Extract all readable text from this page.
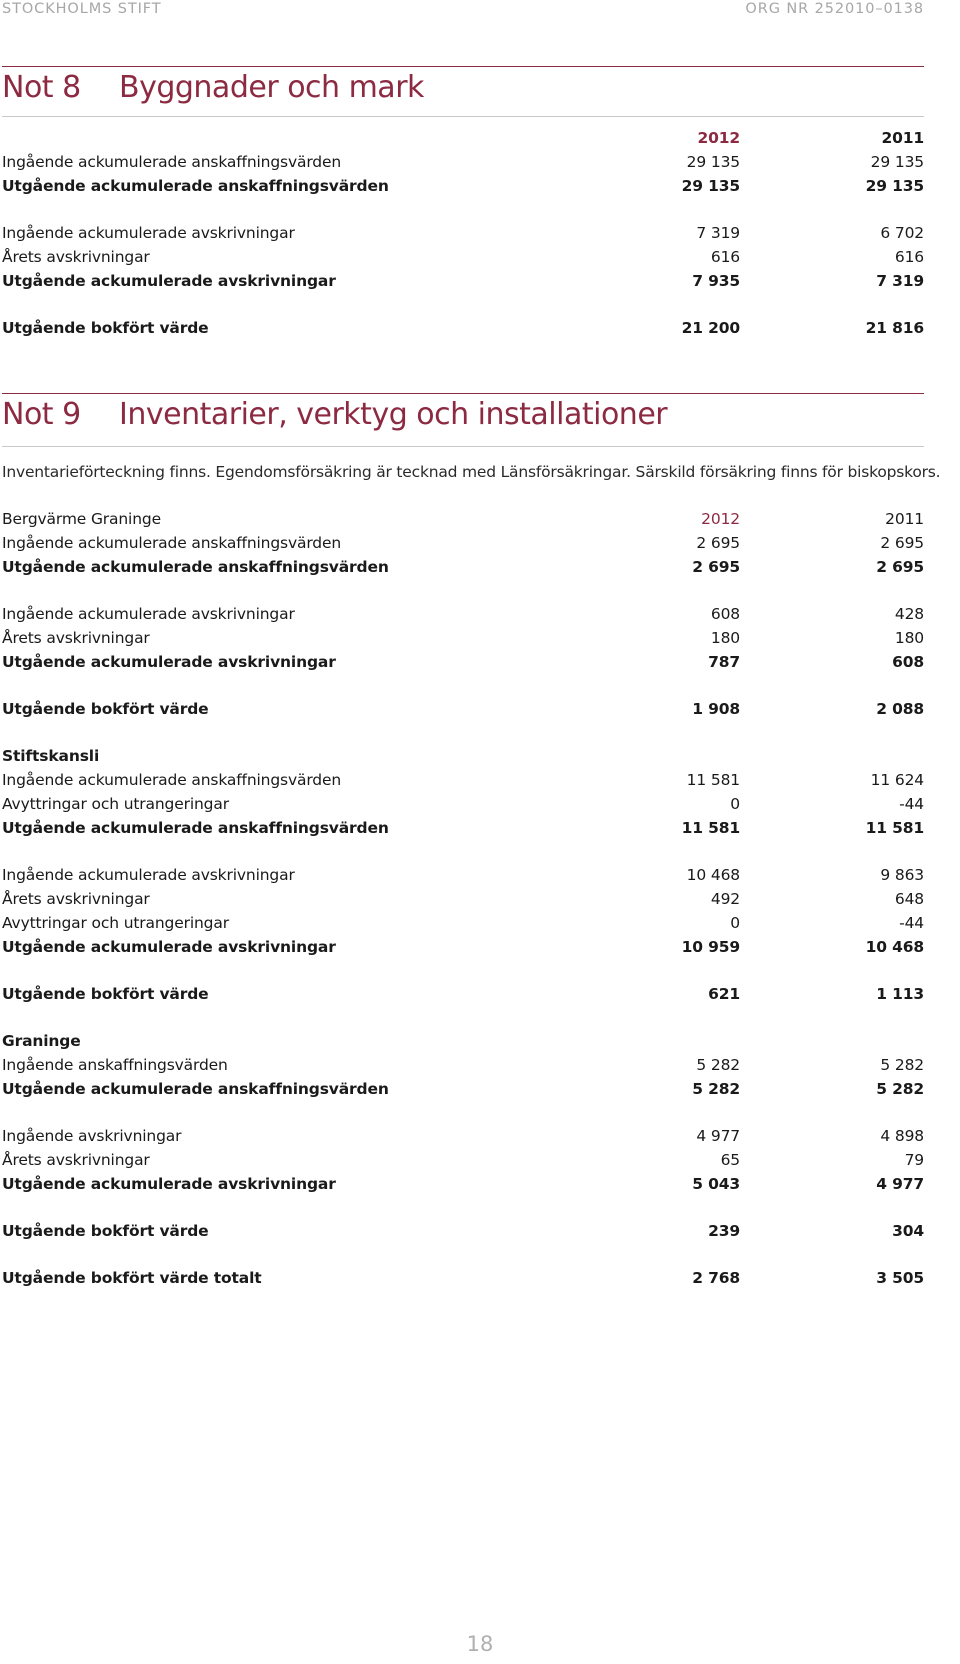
STOCKHOLMS STIFT	ORG NR 252010–0138
Not 8 Byggnader och mark
2012	2011
Ingående ackumulerade anskaffningsvärden	29 135	29 135
Utgående ackumulerade anskaffningsvärden	29 135	29 135
Ingående ackumulerade avskrivningar	7 319	6 702
Årets avskrivningar	616	616
Utgående ackumulerade avskrivningar	7 935	7 319
Utgående bokfört värde	21 200	21 816
Not 9 Inventarier, verktyg och installationer
Inventarieförteckning finns. Egendomsförsäkring är tecknad med Länsförsäkringar. Särskild försäkring finns för biskopskors.
Bergvärme Graninge	2012	2011
Ingående ackumulerade anskaffningsvärden	2 695	2 695
Utgående ackumulerade anskaffningsvärden	2 695	2 695
Ingående ackumulerade avskrivningar	608	428
Årets avskrivningar	180	180
Utgående ackumulerade avskrivningar	787	608
Utgående bokfört värde	1 908	2 088
Stiftskansli
Ingående ackumulerade anskaffningsvärden	11 581	11 624
Avyttringar och utrangeringar	0	-44
Utgående ackumulerade anskaffningsvärden	11 581	11 581
Ingående ackumulerade avskrivningar	10 468	9 863
Årets avskrivningar	492	648
Avyttringar och utrangeringar	0	-44
Utgående ackumulerade avskrivningar	10 959	10 468
Utgående bokfört värde	621	1 113
Graninge
Ingående anskaffningsvärden	5 282	5 282
Utgående ackumulerade anskaffningsvärden	5 282	5 282
Ingående avskrivningar	4 977	4 898
Årets avskrivningar	65	79
Utgående ackumulerade avskrivningar	5 043	4 977
Utgående bokfört värde	239	304
Utgående bokfört värde totalt	2 768	3 505
18
